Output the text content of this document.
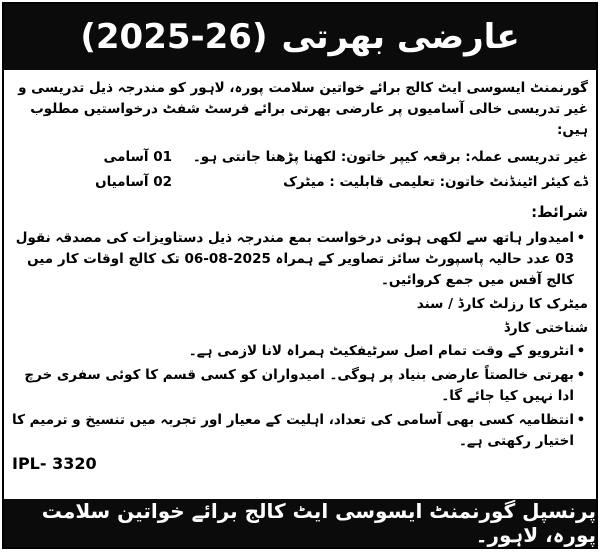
عارضی بھرتی
(2025-26)

گورنمنٹ ایسوسی ایٹ کالج برائے خواتین سلامت پورہ، لاہور کو مندرجہ ذیل تدریسی و غیر تدریسی خالی آسامیوں پر عارضی بھرتی برائے فرسٹ شفٹ درخواستیں مطلوب ہیں:

غیر تدریسی عملہ: برقعہ کیپر خاتون: لکھنا پڑھنا جانتی ہو۔
01 آسامی
ڈے کیئر اٹینڈنٹ خاتون: تعلیمی قابلیت : میٹرک
02 آسامیاں
شرائط:
•
امیدوار ہاتھ سے لکھی ہوئی درخواست بمع مندرجہ ذیل دستاویزات کی مصدقہ نقول 03 عدد حالیہ پاسپورٹ سائز تصاویر کے ہمراہ 2025-08-06 تک کالج اوقات کار میں کالج آفس میں جمع کروائیں۔
میٹرک کا رزلٹ کارڈ / سند
شناختی کارڈ
•
انٹرویو کے وقت تمام اصل سرٹیفکیٹ ہمراہ لانا لازمی ہے۔
•
بھرتی خالصتاً عارضی بنیاد پر ہوگی۔ امیدواران کو کسی قسم کا کوئی سفری خرچ ادا نہیں کیا جائے گا۔
•
انتظامیہ کسی بھی آسامی کی تعداد، اہلیت کے معیار اور تجربہ میں تنسیخ و ترمیم کا اختیار رکھتی ہے۔
IPL- 3320
پرنسپل گورنمنٹ ایسوسی ایٹ کالج برائے خواتین سلامت پورہ، لاہور۔
